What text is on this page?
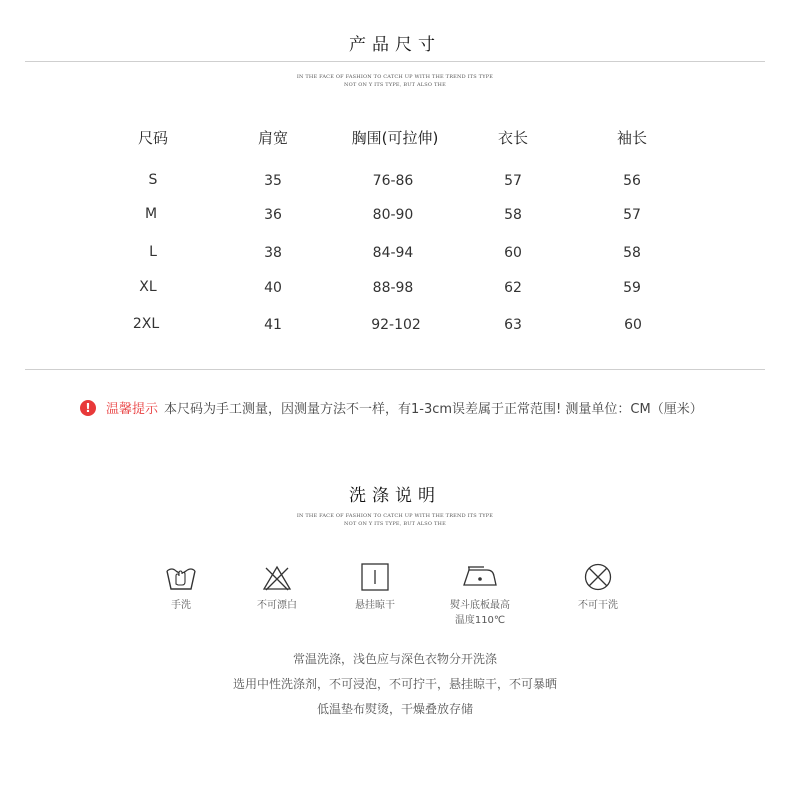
产品尺寸
IN THE FACE OF FASHION TO CATCH UP WITH THE TREND ITS TYPE
NOT ON Y ITS TYPE, BUT ALSO THE
尺码	肩宽	胸围(可拉伸)	衣长	袖长
S	35	76-86	57	56
M	36	80-90	58	57
L	38	84-94	60	58
XL	40	88-98	62	59
2XL	41	92-102	63	60
!	温馨提示 本尺码为手工测量，因测量方法不一样，有1-3cm误差属于正常范围! 测量单位：CM（厘米）
洗涤说明
IN THE FACE OF FASHION TO CATCH UP WITH THE TREND ITS TYPE
NOT ON Y ITS TYPE, BUT ALSO THE
手洗	不可漂白	悬挂晾干	熨斗底板最高
温度110℃
不可干洗
常温洗涤，浅色应与深色衣物分开洗涤
选用中性洗涤剂，不可浸泡，不可拧干，悬挂晾干，不可暴晒
低温垫布熨烫，干燥叠放存储
